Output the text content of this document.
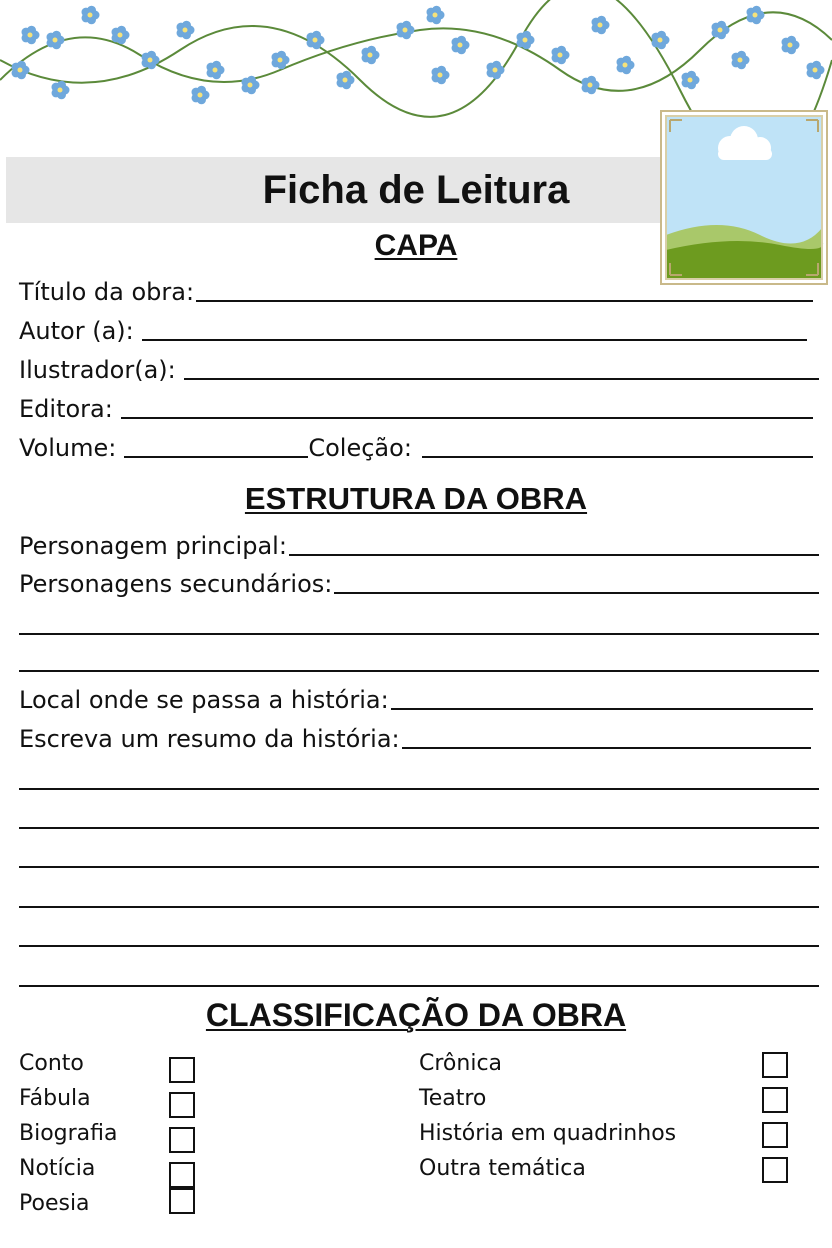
Ficha de Leitura
CAPA
Título da obra:
Autor (a):
Ilustrador(a):
Editora:
Volume:	Coleção:
ESTRUTURA DA OBRA
Personagem principal:
Personagens secundários:
Local onde se passa a história:
Escreva um resumo da história:
CLASSIFICAÇÃO DA OBRA
Conto
Fábula
Biografia
Notícia
Poesia
Crônica
Teatro
História em quadrinhos
Outra temática
